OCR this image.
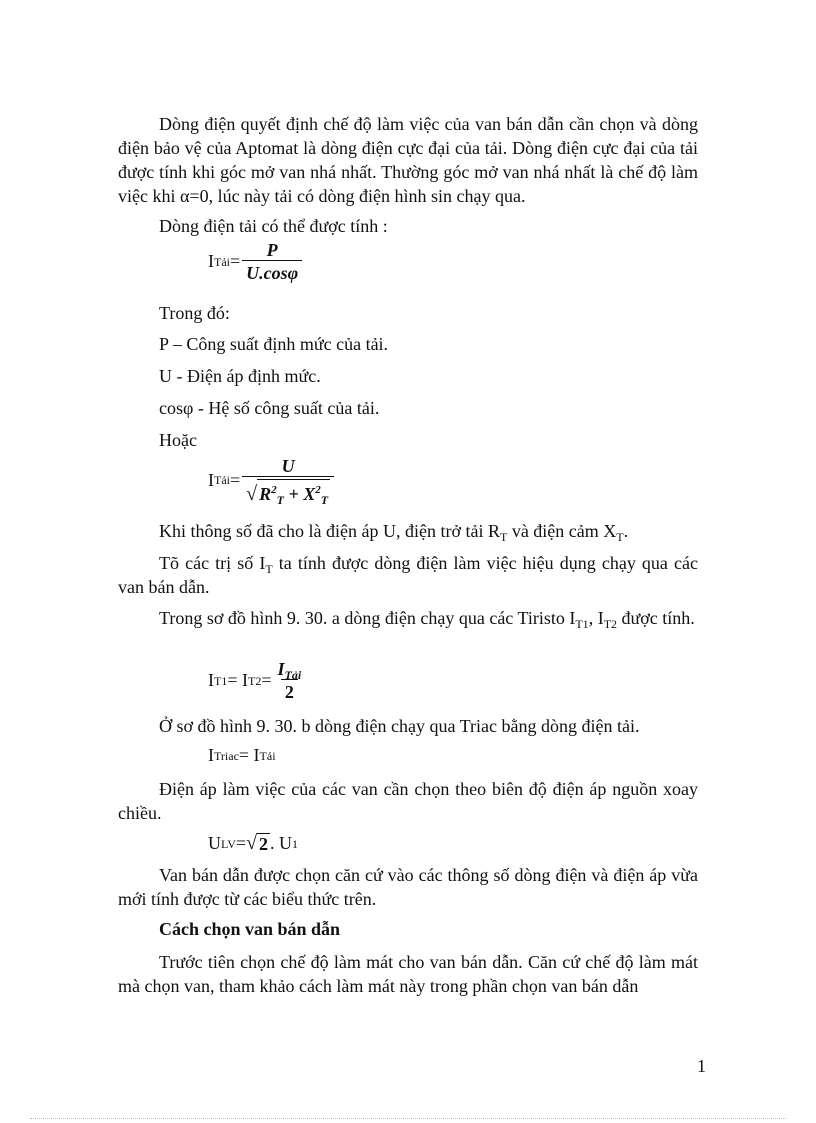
Dòng điện quyết định chế độ làm việc của van bán dẫn cần chọn và dòng điện bảo vệ của Aptomat là dòng điện cực đại của tải. Dòng điện cực đại của tải được tính khi góc mở van nhá nhất. Thường góc mở van nhá nhất là chế độ làm việc khi α=0, lúc này tải có dòng điện hình sin chạy qua.

Dòng điện tải có thể được tính :

I Tải = $\frac{P}{U.\cos\varphi}$

Trong đó:

P – Công suất định mức của tải.

U - Điện áp định mức.

cosφ - Hệ số công suất của tải.

Hoặc

I Tải = $\frac{U}{√ R^2_T + X^2_T}$

Khi thông số đã cho là điện áp U, điện trở tải $R_T$ và điện cảm $X_T$.

Tõ các trị số $I_T$ ta tính được dòng điện làm việc hiệu dụng chạy qua các van bán dẫn.

Trong sơ đồ hình 9. 30. a dòng điện chạy qua các Tiristo $I_{T1}$, $I_{T2}$ được tính.

I T1 = I $T2 = \frac{I_{Tải}}{2}$

Ở sơ đồ hình 9. 30. b dòng điện chạy qua Triac bằng dòng điện tải.

I Triac = I Tải

Điện áp làm việc của các van cần chọn theo biên độ điện áp nguồn xoay chiều.

U LV = √ 2 . U 1

Van bán dẫn được chọn căn cứ vào các thông số dòng điện và điện áp vừa mới tính được từ các biểu thức trên.

Cách chọn van bán dẫn

Trước tiên chọn chế độ làm mát cho van bán dẫn. Căn cứ chế độ làm mát mà chọn van, tham khảo cách làm mát này trong phần chọn van bán dẫn

1
